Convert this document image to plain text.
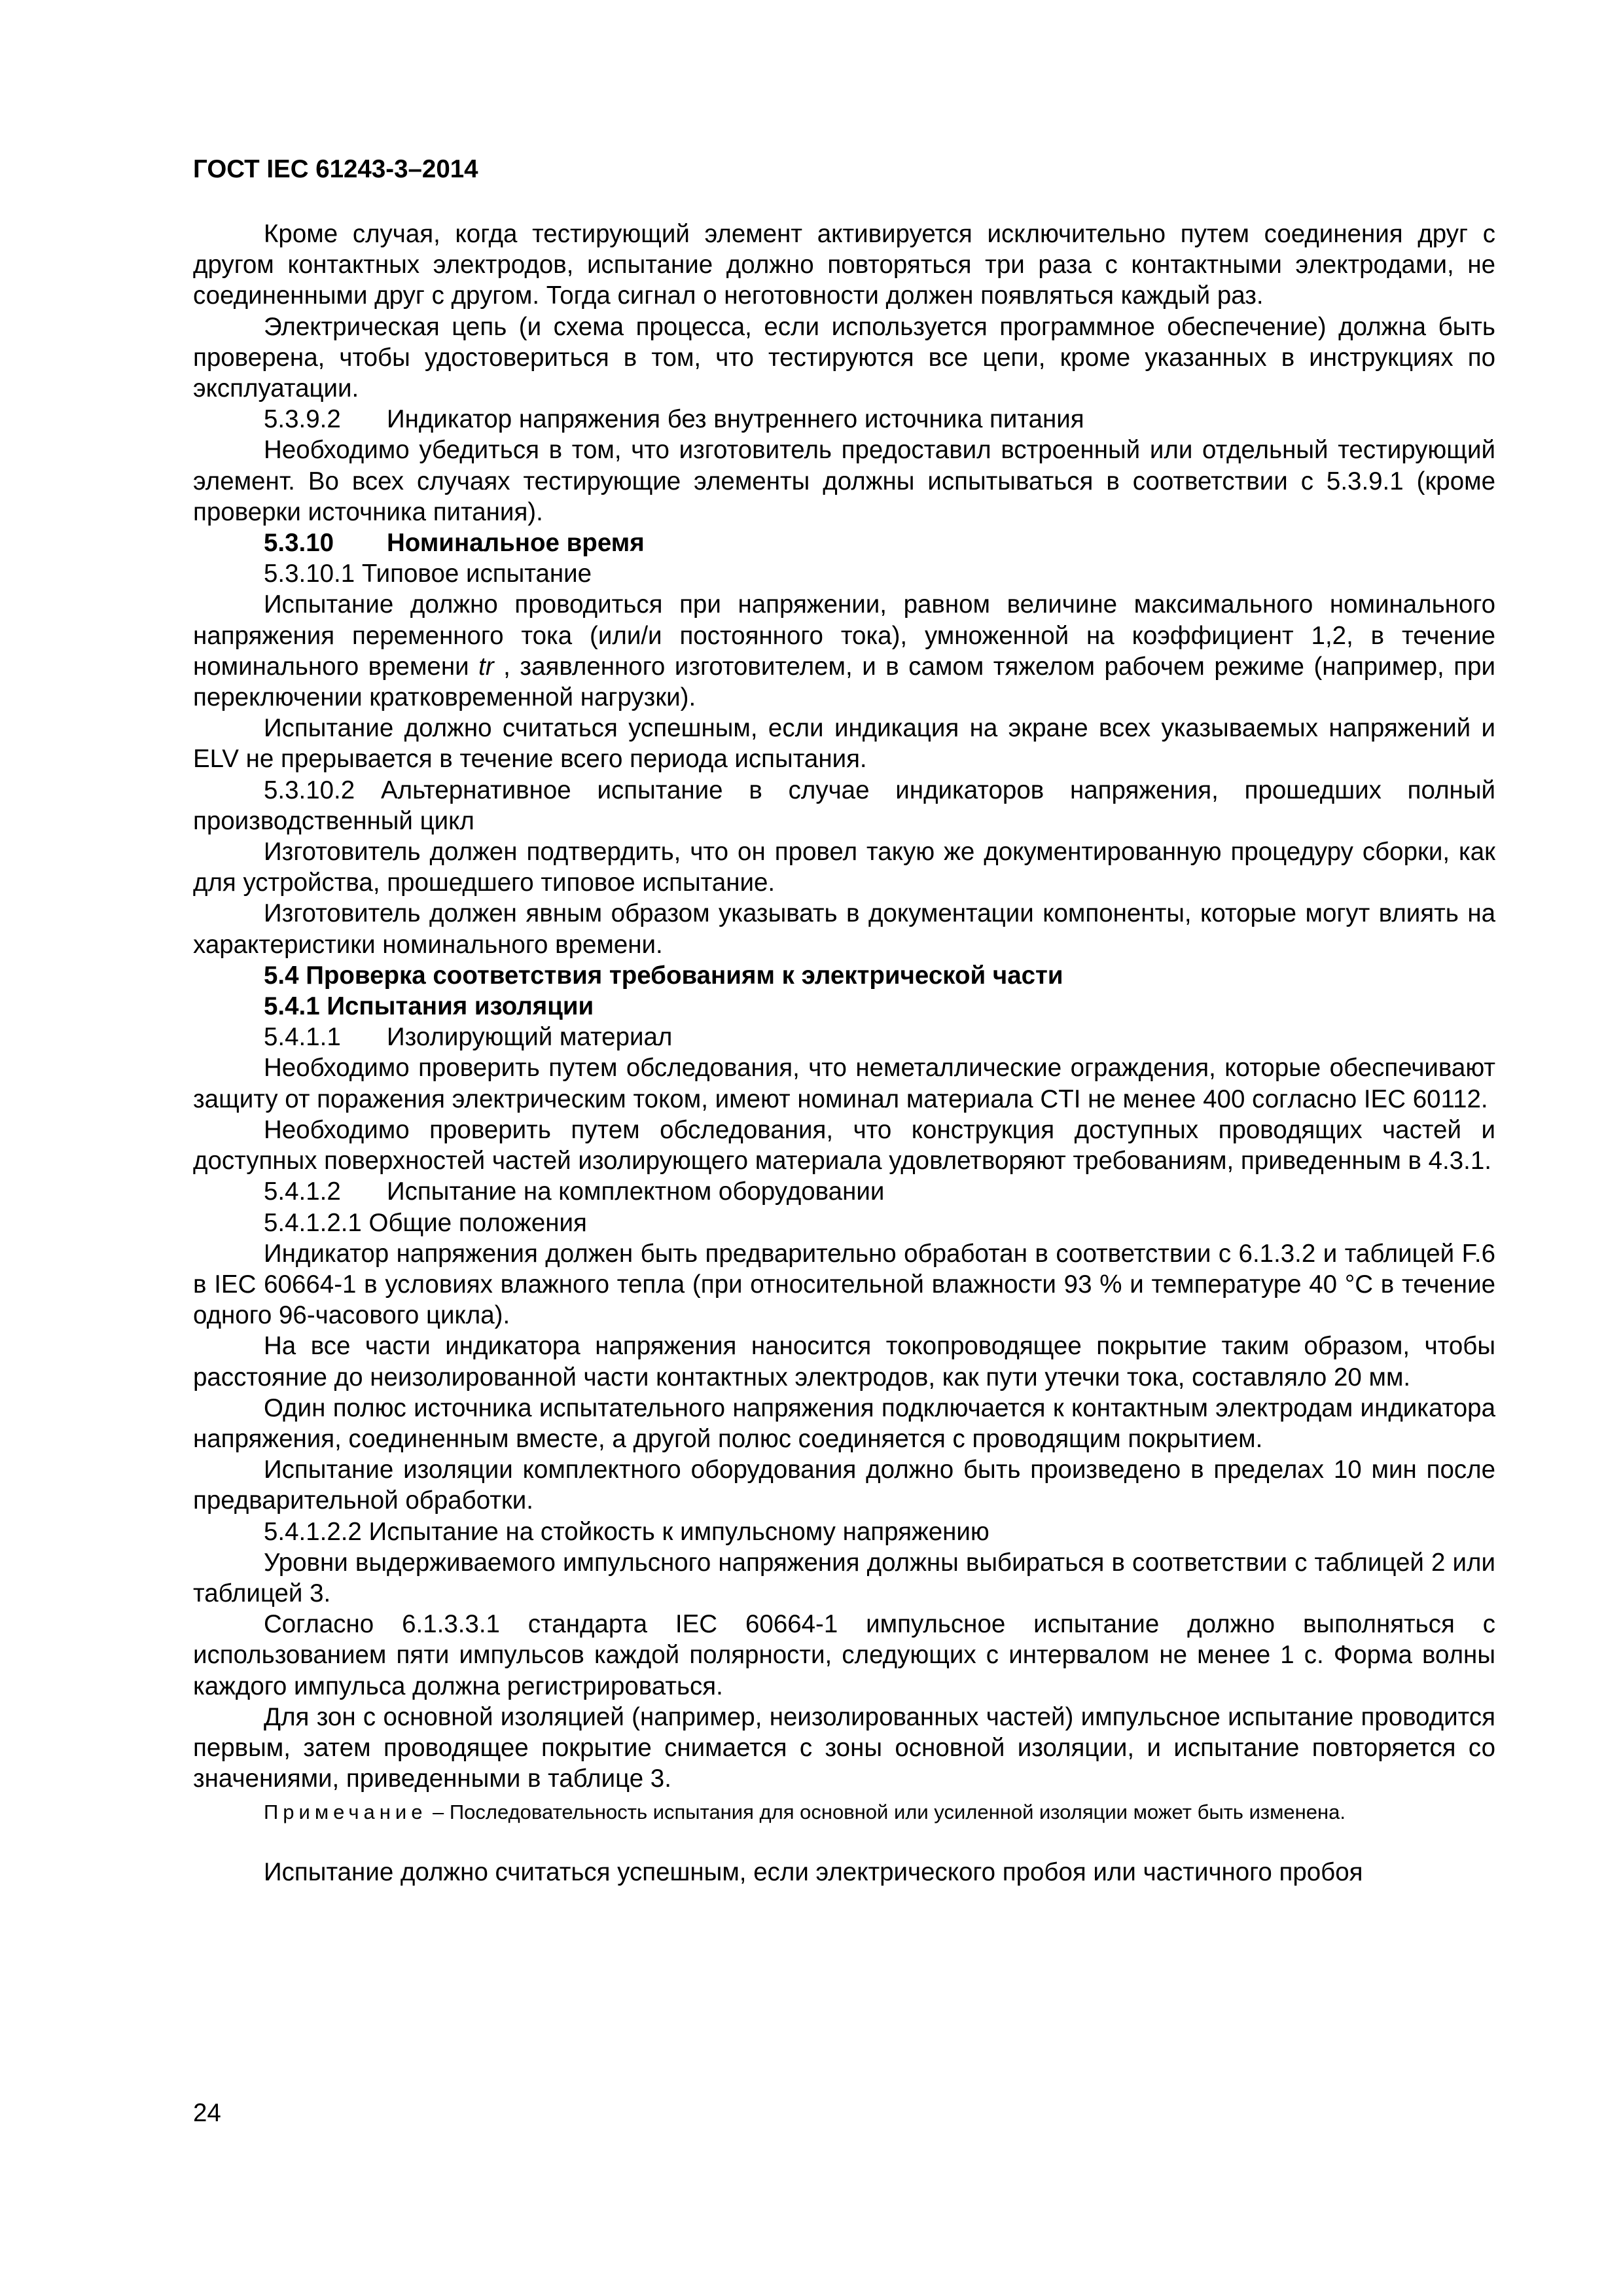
ГОСТ IEC 61243-3–2014

Кроме случая, когда тестирующий элемент активируется исключительно путем соединения друг с другом контактных электродов, испытание должно повторяться три раза с контактными электродами, не соединенными друг с другом. Тогда сигнал о неготовности должен появляться каждый раз.

Электрическая цепь (и схема процесса, если используется программное обеспечение) должна быть проверена, чтобы удостовериться в том, что тестируются все цепи, кроме указанных в инструкциях по эксплуатации.

5.3.9.2 Индикатор напряжения без внутреннего источника питания

Необходимо убедиться в том, что изготовитель предоставил встроенный или отдельный тестирующий элемент. Во всех случаях тестирующие элементы должны испытываться в соответствии с 5.3.9.1 (кроме проверки источника питания).

5.3.10 Номинальное время

5.3.10.1 Типовое испытание

Испытание должно проводиться при напряжении, равном величине максимального номинального напряжения переменного тока (или/и постоянного тока), умноженной на коэффициент 1,2, в течение номинального времени tr , заявленного изготовителем, и в самом тяжелом рабочем режиме (например, при переключении кратковременной нагрузки).

Испытание должно считаться успешным, если индикация на экране всех указываемых напряжений и ELV не прерывается в течение всего периода испытания.

5.3.10.2 Альтернативное испытание в случае индикаторов напряжения, прошедших полный производственный цикл

Изготовитель должен подтвердить, что он провел такую же документированную процедуру сборки, как для устройства, прошедшего типовое испытание.

Изготовитель должен явным образом указывать в документации компоненты, которые могут влиять на характеристики номинального времени.

5.4 Проверка соответствия требованиям к электрической части

5.4.1 Испытания изоляции

5.4.1.1 Изолирующий материал

Необходимо проверить путем обследования, что неметаллические ограждения, которые обеспечивают защиту от поражения электрическим током, имеют номинал материала CTI не менее 400 согласно IEC 60112.

Необходимо проверить путем обследования, что конструкция доступных проводящих частей и доступных поверхностей частей изолирующего материала удовлетворяют требованиям, приведенным в 4.3.1.

5.4.1.2 Испытание на комплектном оборудовании

5.4.1.2.1 Общие положения

Индикатор напряжения должен быть предварительно обработан в соответствии с 6.1.3.2 и таблицей F.6 в IEC 60664-1 в условиях влажного тепла (при относительной влажности 93 % и температуре 40 °С в течение одного 96-часового цикла).

На все части индикатора напряжения наносится токопроводящее покрытие таким образом, чтобы расстояние до неизолированной части контактных электродов, как пути утечки тока, составляло 20 мм.

Один полюс источника испытательного напряжения подключается к контактным электродам индикатора напряжения, соединенным вместе, а другой полюс соединяется с проводящим покрытием.

Испытание изоляции комплектного оборудования должно быть произведено в пределах 10 мин после предварительной обработки.

5.4.1.2.2 Испытание на стойкость к импульсному напряжению

Уровни выдерживаемого импульсного напряжения должны выбираться в соответствии с таблицей 2 или таблицей 3.

Согласно 6.1.3.3.1 стандарта IEC 60664-1 импульсное испытание должно выполняться с использованием пяти импульсов каждой полярности, следующих с интервалом не менее 1 с. Форма волны каждого импульса должна регистрироваться.

Для зон с основной изоляцией (например, неизолированных частей) импульсное испытание проводится первым, затем проводящее покрытие снимается с зоны основной изоляции, и испытание повторяется со значениями, приведенными в таблице 3.

Примечание – Последовательность испытания для основной или усиленной изоляции может быть изменена.

Испытание должно считаться успешным, если электрического пробоя или частичного пробоя

24
